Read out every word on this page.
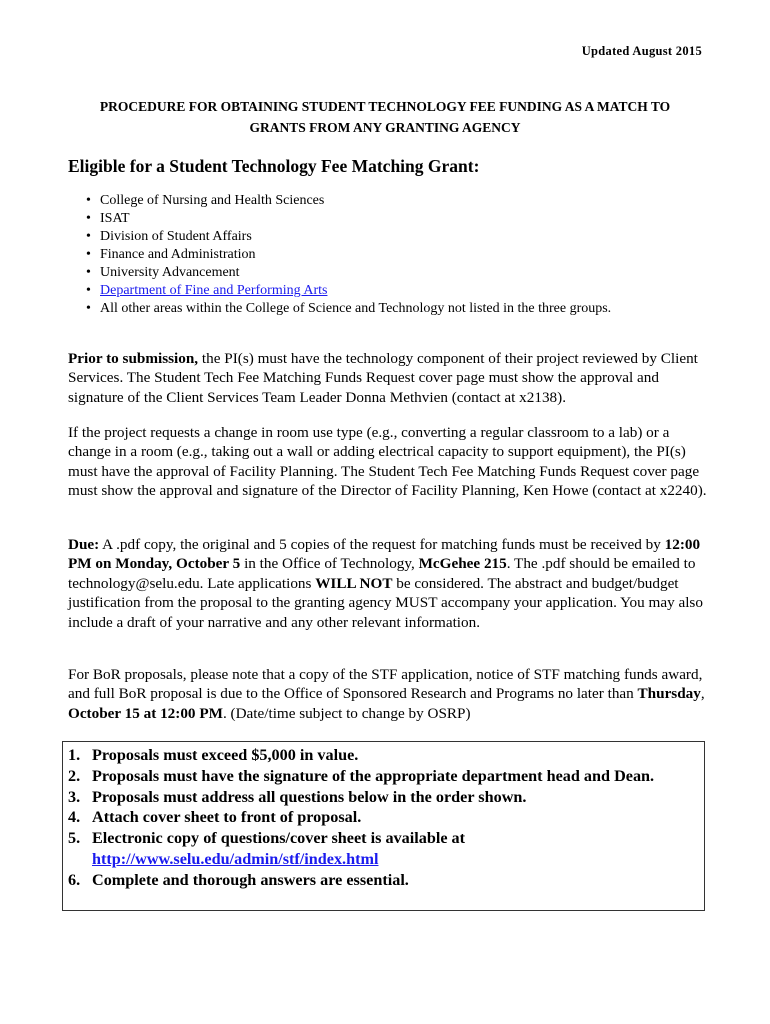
Updated August 2015
PROCEDURE FOR OBTAINING STUDENT TECHNOLOGY FEE FUNDING AS A MATCH TO
GRANTS FROM ANY GRANTING AGENCY
Eligible for a Student Technology Fee Matching Grant:
• College of Nursing and Health Sciences
• ISAT
• Division of Student Affairs
• Finance and Administration
• University Advancement
• Department of Fine and Performing Arts
• All other areas within the College of Science and Technology not listed in the three groups.

Prior to submission, the PI(s) must have the technology component of their project reviewed by Client Services. The Student Tech Fee Matching Funds Request cover page must show the approval and signature of the Client Services Team Leader Donna Methvien (contact at x2138).

If the project requests a change in room use type (e.g., converting a regular classroom to a lab) or a change in a room (e.g., taking out a wall or adding electrical capacity to support equipment), the PI(s) must have the approval of Facility Planning. The Student Tech Fee Matching Funds Request cover page must show the approval and signature of the Director of Facility Planning, Ken Howe (contact at x2240).

Due: A .pdf copy, the original and 5 copies of the request for matching funds must be received by 12:00 PM on Monday, October 5 in the Office of Technology, McGehee 215. The .pdf should be emailed to technology@selu.edu. Late applications WILL NOT be considered. The abstract and budget/budget justification from the proposal to the granting agency MUST accompany your application. You may also include a draft of your narrative and any other relevant information.

For BoR proposals, please note that a copy of the STF application, notice of STF matching funds award, and full BoR proposal is due to the Office of Sponsored Research and Programs no later than Thursday, October 15 at 12:00 PM. (Date/time subject to change by OSRP)

1. Proposals must exceed $5,000 in value.
2. Proposals must have the signature of the appropriate department head and Dean.
3. Proposals must address all questions below in the order shown.
4. Attach cover sheet to front of proposal.
5. Electronic copy of questions/cover sheet is available at
http://www.selu.edu/admin/stf/index.html
6. Complete and thorough answers are essential.
